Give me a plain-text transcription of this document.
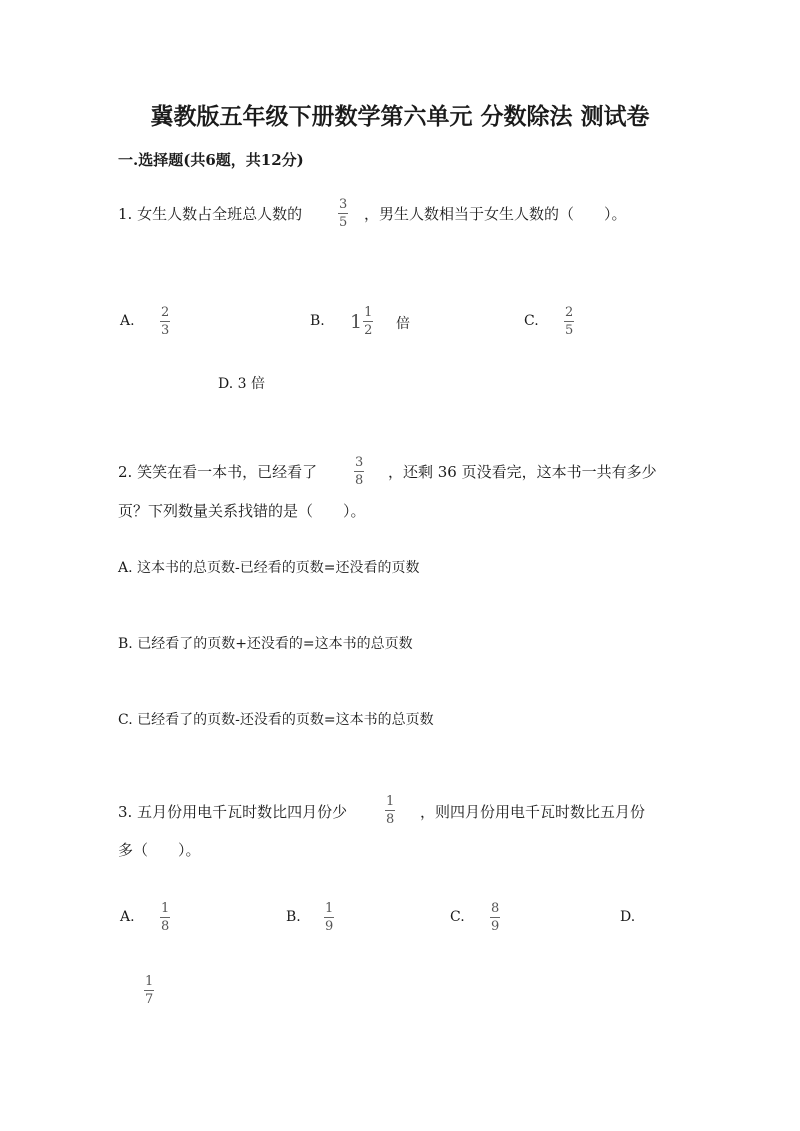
冀教版五年级下册数学第六单元 分数除法 测试卷
一.选择题(共6题，共12分)
1. 女生人数占全班总人数的	$\frac{3}{5}$ ，男生人数相当于女生人数的（　　）。
A. $\frac{2}{3}$	B. $1 \frac{1}{2}$ 倍	C. $\frac{2}{5}$
D. 3 倍
2. 笑笑在看一本书，已经看了	$\frac{3}{8}$ ，还剩 36 页没看完，这本书一共有多少
页？下列数量关系找错的是（　　）。
A. 这本书的总页数-已经看的页数=还没看的页数
B. 已经看了的页数+还没看的=这本书的总页数
C. 已经看了的页数-还没看的页数=这本书的总页数
3. 五月份用电千瓦时数比四月份少	$\frac{1}{8}$ ，则四月份用电千瓦时数比五月份
多（　　）。
A. $\frac{1}{8}$	B. $\frac{1}{9}$	C. $\frac{8}{9}$	D.
$\frac{1}{7}$
